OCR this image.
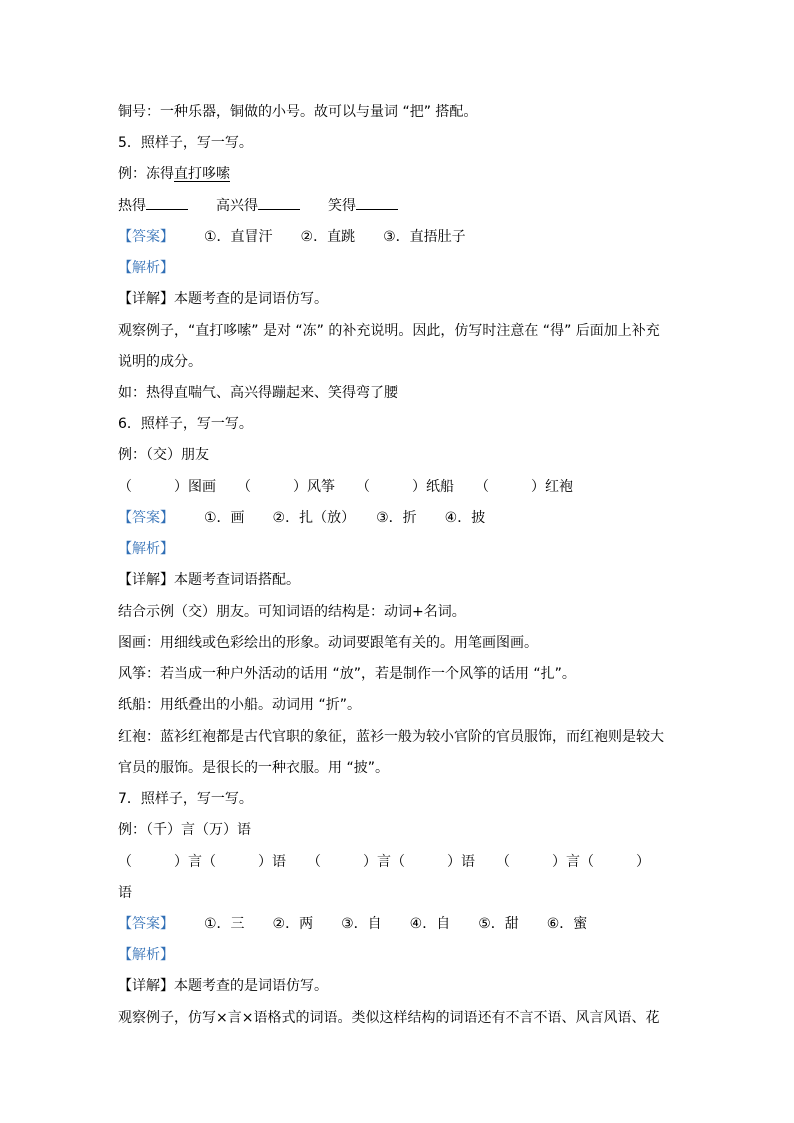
铜号：一种乐器，铜做的小号。故可以与量词 “把” 搭配。
5．照样子，写一写。
例：冻得直打哆嗦
热得	高兴得	笑得
【答案】 ①．直冒汗　　②．直跳　　③．直捂肚子
【解析】
【详解】本题考查的是词语仿写。
观察例子，“直打哆嗦” 是对 “冻” 的补充说明。因此，仿写时注意在 “得” 后面加上补充
说明的成分。
如：热得直喘气、高兴得蹦起来、笑得弯了腰
6．照样子，写一写。
例：（交）朋友
（　　　）图画　　（　　　）风筝　　（　　　）纸船　　（　　　）红袍
【答案】 ①．画　　②．扎（放）　　③．折　　④．披
【解析】
【详解】本题考查词语搭配。
结合示例（交）朋友。可知词语的结构是：动词+名词。
图画：用细线或色彩绘出的形象。动词要跟笔有关的。用笔画图画。
风筝：若当成一种户外活动的话用 “放”，若是制作一个风筝的话用 “扎”。
纸船：用纸叠出的小船。动词用 “折”。
红袍：蓝衫红袍都是古代官职的象征，蓝衫一般为较小官阶的官员服饰，而红袍则是较大
官员的服饰。是很长的一种衣服。用 “披”。
7．照样子，写一写。
例：（千）言（万）语
（　　　）言（　　　）语　　（　　　）言（　　　）语　　（　　　）言（　　　）
语
【答案】 ①．三　　②．两　　③．自　　④．自　　⑤．甜　　⑥．蜜
【解析】
【详解】本题考查的是词语仿写。
观察例子，仿写×言×语格式的词语。类似这样结构的词语还有不言不语、风言风语、花
